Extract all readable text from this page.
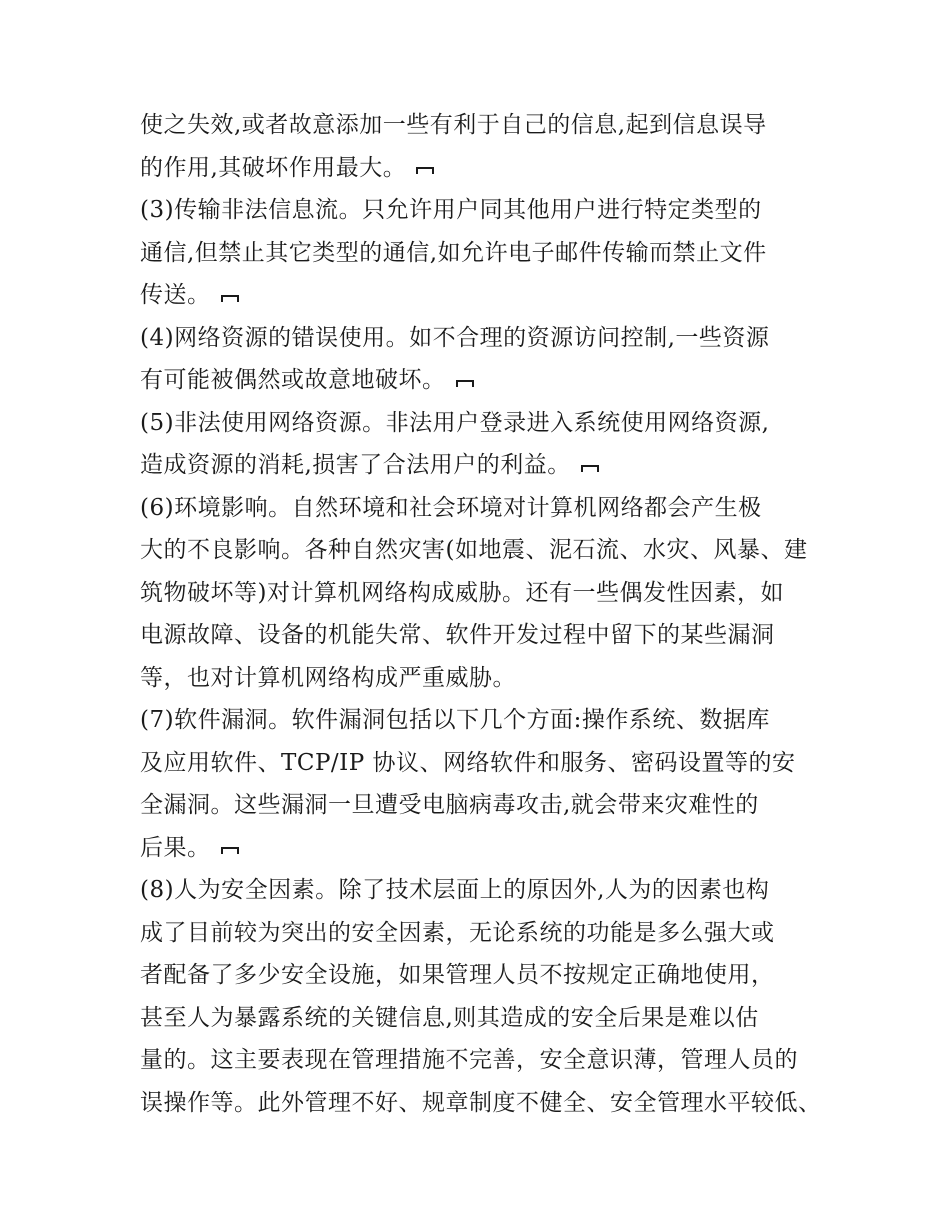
使之失效,或者故意添加一些有利于自己的信息,起到信息误导
的作用,其破坏作用最大。
(3)传输非法信息流。只允许用户同其他用户进行特定类型的
通信,但禁止其它类型的通信,如允许电子邮件传输而禁止文件
传送。
(4)网络资源的错误使用。如不合理的资源访问控制,一些资源
有可能被偶然或故意地破坏。
(5)非法使用网络资源。非法用户登录进入系统使用网络资源,
造成资源的消耗,损害了合法用户的利益。
(6)环境影响。自然环境和社会环境对计算机网络都会产生极
大的不良影响。各种自然灾害(如地震、泥石流、水灾、风暴、建
筑物破坏等)对计算机网络构成威胁。还有一些偶发性因素，如
电源故障、设备的机能失常、软件开发过程中留下的某些漏洞
等，也对计算机网络构成严重威胁。
(7)软件漏洞。软件漏洞包括以下几个方面:操作系统、数据库
及应用软件、TCP/IP 协议、网络软件和服务、密码设置等的安
全漏洞。这些漏洞一旦遭受电脑病毒攻击,就会带来灾难性的
后果。
(8)人为安全因素。除了技术层面上的原因外,人为的因素也构
成了目前较为突出的安全因素，无论系统的功能是多么强大或
者配备了多少安全设施，如果管理人员不按规定正确地使用，
甚至人为暴露系统的关键信息,则其造成的安全后果是难以估
量的。这主要表现在管理措施不完善，安全意识薄，管理人员的
误操作等。此外管理不好、规章制度不健全、安全管理水平较低、
